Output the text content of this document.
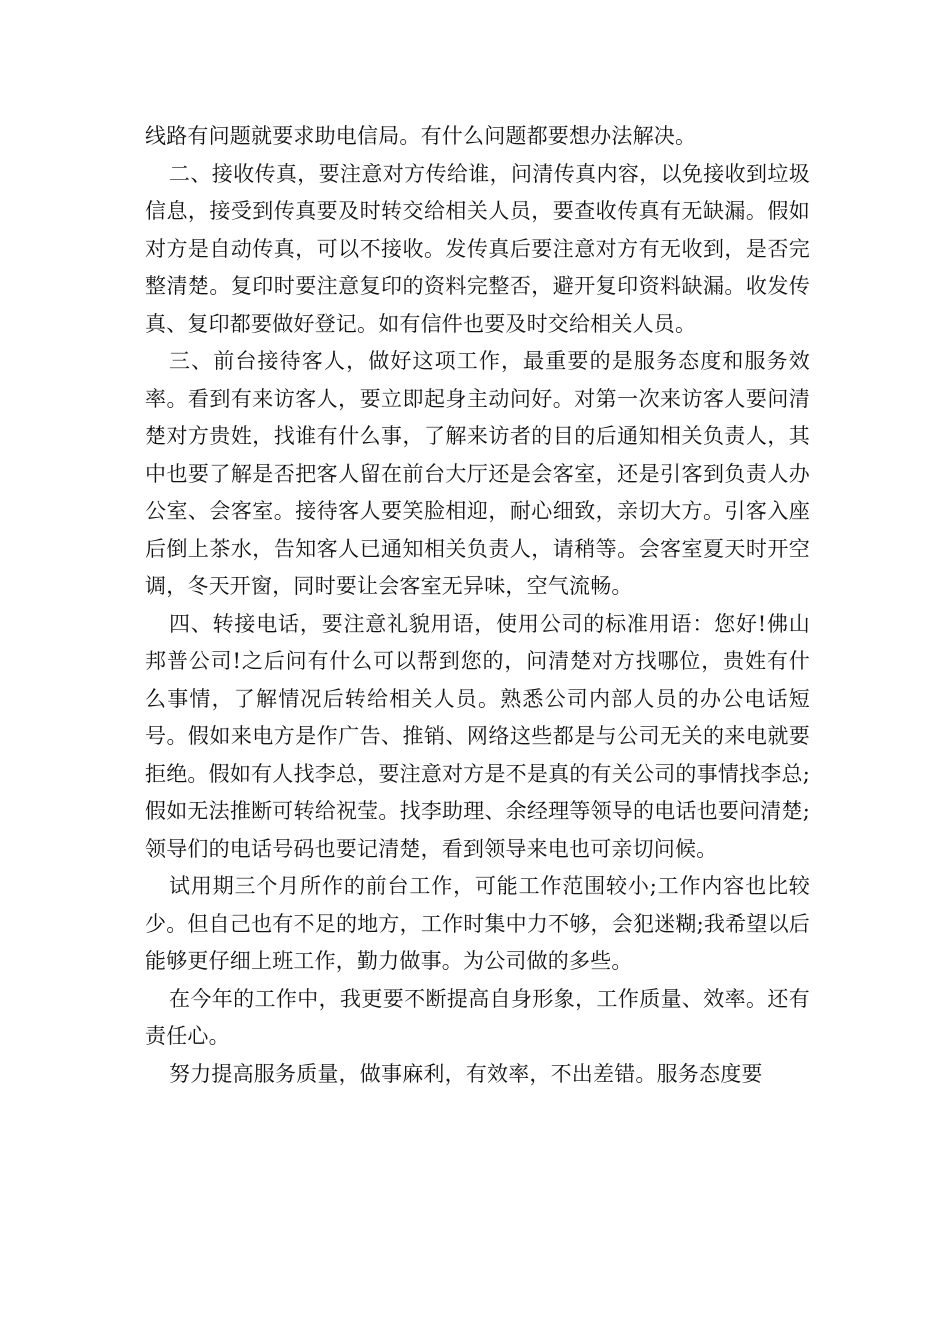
线路有问题就要求助电信局。有什么问题都要想办法解决。

二、接收传真，要注意对方传给谁，问清传真内容，以免接收到垃圾信息，接受到传真要及时转交给相关人员，要查收传真有无缺漏。假如对方是自动传真，可以不接收。发传真后要注意对方有无收到，是否完整清楚。复印时要注意复印的资料完整否，避开复印资料缺漏。收发传真、复印都要做好登记。如有信件也要及时交给相关人员。

三、前台接待客人，做好这项工作，最重要的是服务态度和服务效率。看到有来访客人，要立即起身主动问好。对第一次来访客人要问清楚对方贵姓，找谁有什么事，了解来访者的目的后通知相关负责人，其中也要了解是否把客人留在前台大厅还是会客室，还是引客到负责人办公室、会客室。接待客人要笑脸相迎，耐心细致，亲切大方。引客入座后倒上茶水，告知客人已通知相关负责人，请稍等。会客室夏天时开空调，冬天开窗，同时要让会客室无异味，空气流畅。

四、转接电话，要注意礼貌用语，使用公司的标准用语：您好!佛山邦普公司!之后问有什么可以帮到您的，问清楚对方找哪位，贵姓有什么事情，了解情况后转给相关人员。熟悉公司内部人员的办公电话短号。假如来电方是作广告、推销、网络这些都是与公司无关的来电就要拒绝。假如有人找李总，要注意对方是不是真的有关公司的事情找李总;假如无法推断可转给祝莹。找李助理、余经理等领导的电话也要问清楚;领导们的电话号码也要记清楚，看到领导来电也可亲切问候。

试用期三个月所作的前台工作，可能工作范围较小;工作内容也比较少。但自己也有不足的地方，工作时集中力不够，会犯迷糊;我希望以后能够更仔细上班工作，勤力做事。为公司做的多些。

在今年的工作中，我更要不断提高自身形象，工作质量、效率。还有责任心。

努力提高服务质量，做事麻利，有效率，不出差错。服务态度要
